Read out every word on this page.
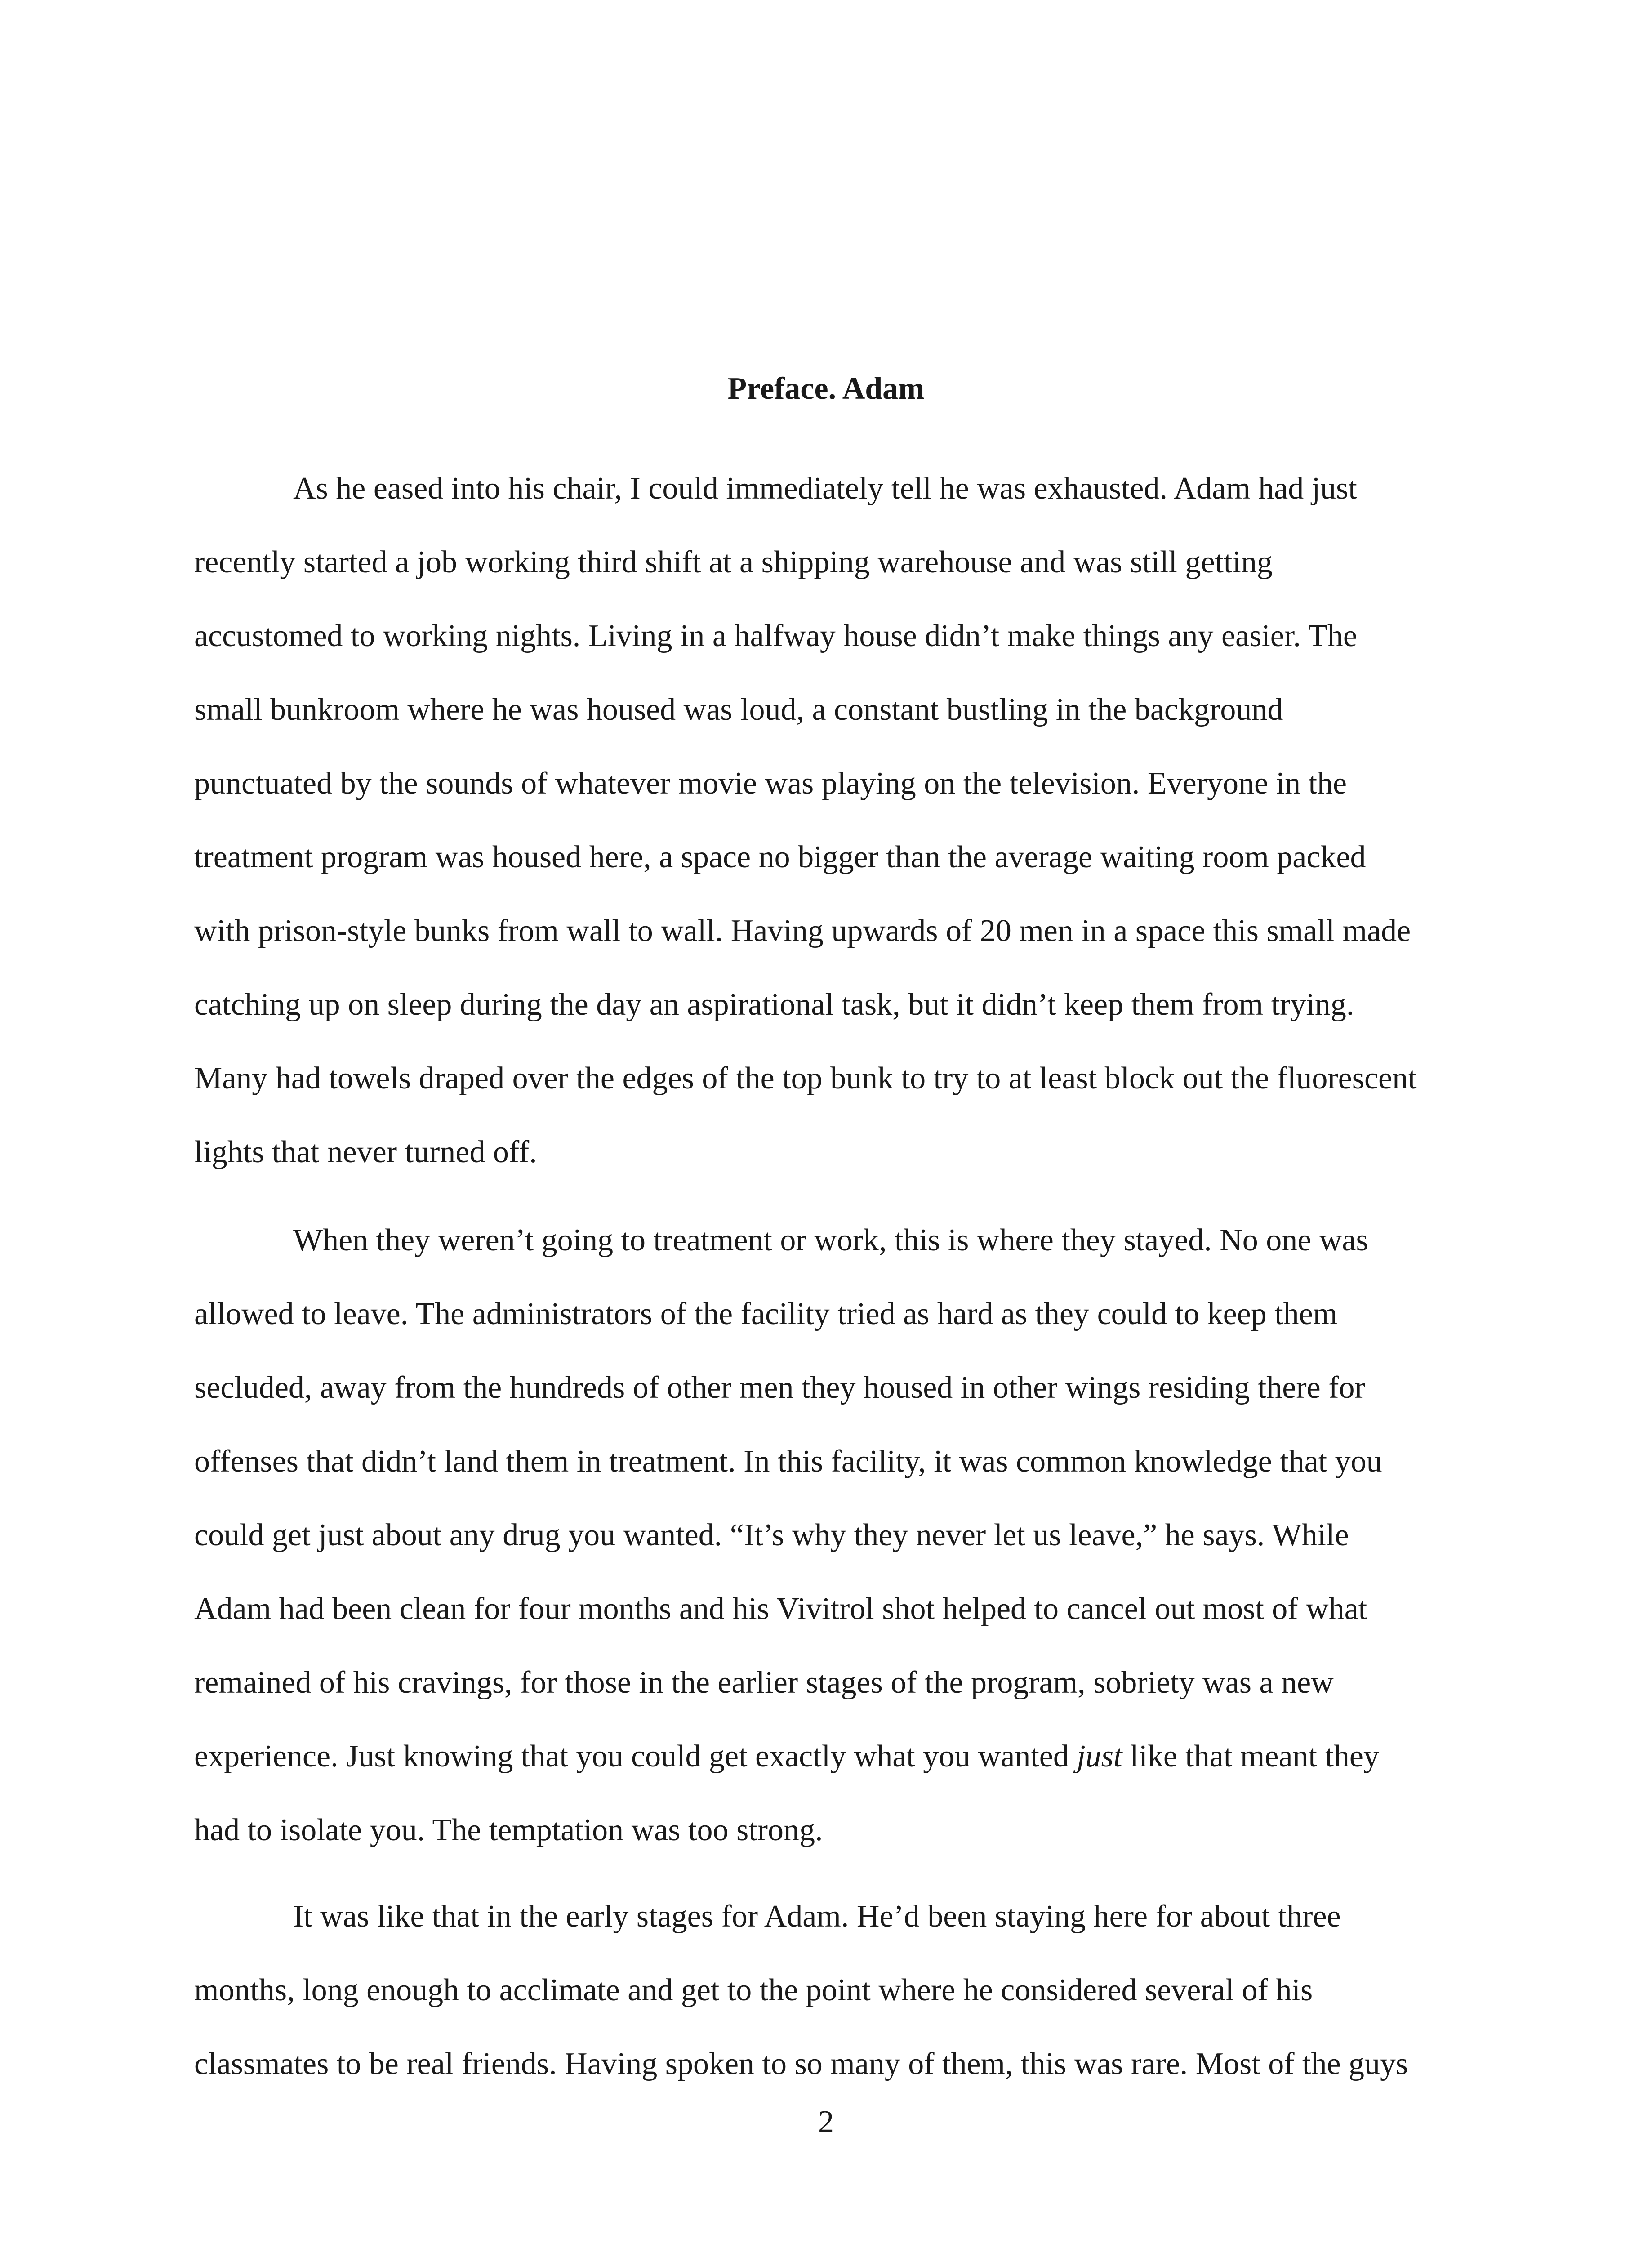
Preface. Adam

As he eased into his chair, I could immediately tell he was exhausted. Adam had just

recently started a job working third shift at a shipping warehouse and was still getting

accustomed to working nights. Living in a halfway house didn’t make things any easier. The

small bunkroom where he was housed was loud, a constant bustling in the background

punctuated by the sounds of whatever movie was playing on the television. Everyone in the

treatment program was housed here, a space no bigger than the average waiting room packed

with prison-style bunks from wall to wall. Having upwards of 20 men in a space this small made

catching up on sleep during the day an aspirational task, but it didn’t keep them from trying.

Many had towels draped over the edges of the top bunk to try to at least block out the fluorescent

lights that never turned off.

When they weren’t going to treatment or work, this is where they stayed. No one was

allowed to leave. The administrators of the facility tried as hard as they could to keep them

secluded, away from the hundreds of other men they housed in other wings residing there for

offenses that didn’t land them in treatment. In this facility, it was common knowledge that you

could get just about any drug you wanted. “It’s why they never let us leave,” he says. While

Adam had been clean for four months and his Vivitrol shot helped to cancel out most of what

remained of his cravings, for those in the earlier stages of the program, sobriety was a new

experience. Just knowing that you could get exactly what you wanted just like that meant they

had to isolate you. The temptation was too strong.

It was like that in the early stages for Adam. He’d been staying here for about three

months, long enough to acclimate and get to the point where he considered several of his

classmates to be real friends. Having spoken to so many of them, this was rare. Most of the guys

2
